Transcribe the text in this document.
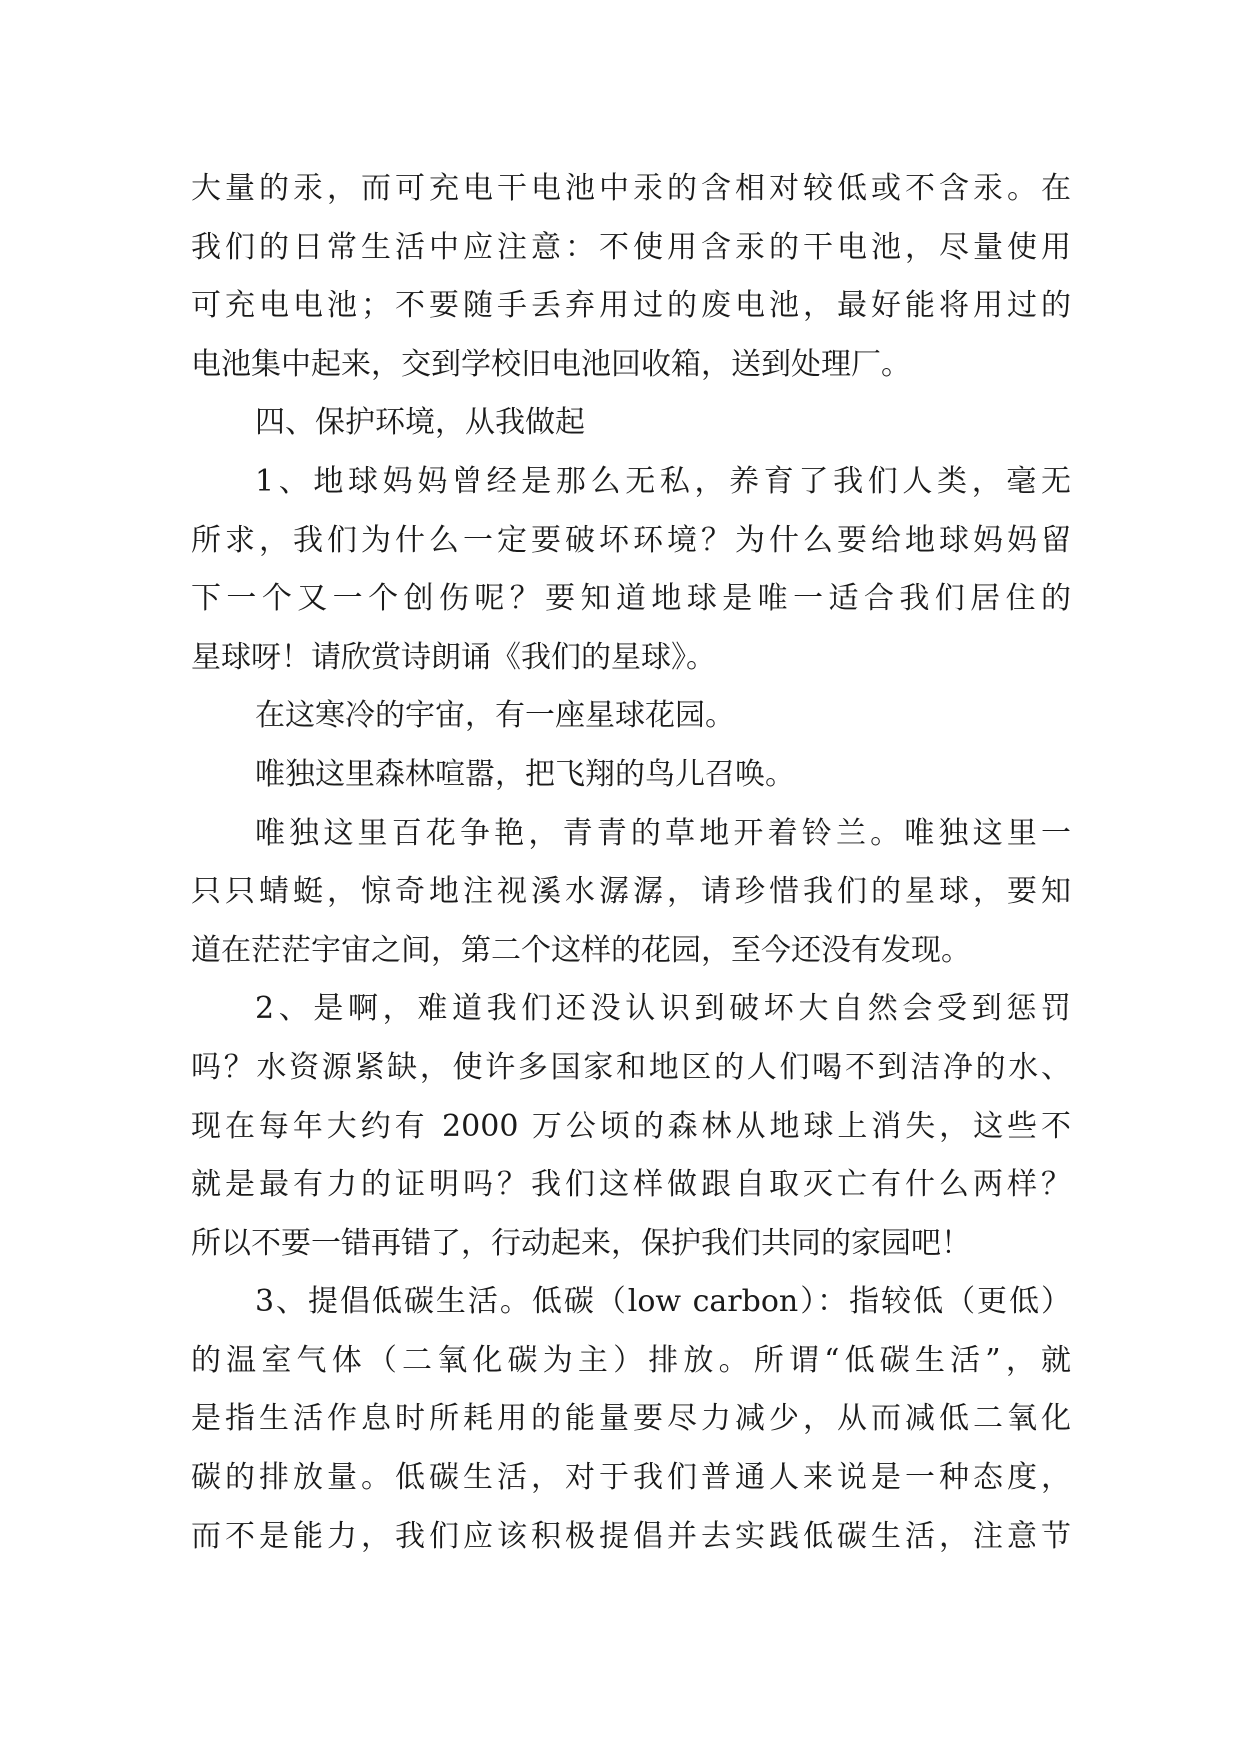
大量的汞，而可充电干电池中汞的含相对较低或不含汞。在
我们的日常生活中应注意：不使用含汞的干电池，尽量使用
可充电电池；不要随手丢弃用过的废电池，最好能将用过的
电池集中起来，交到学校旧电池回收箱，送到处理厂。
四、保护环境，从我做起
1、地球妈妈曾经是那么无私，养育了我们人类，毫无
所求，我们为什么一定要破坏环境？为什么要给地球妈妈留
下一个又一个创伤呢？要知道地球是唯一适合我们居住的
星球呀！请欣赏诗朗诵《我们的星球》。
在这寒冷的宇宙，有一座星球花园。
唯独这里森林喧嚣，把飞翔的鸟儿召唤。
唯独这里百花争艳，青青的草地开着铃兰。唯独这里一
只只蜻蜓，惊奇地注视溪水潺潺，请珍惜我们的星球，要知
道在茫茫宇宙之间，第二个这样的花园，至今还没有发现。
2、是啊，难道我们还没认识到破坏大自然会受到惩罚
吗？水资源紧缺，使许多国家和地区的人们喝不到洁净的水、
现在每年大约有 2000 万公顷的森林从地球上消失，这些不
就是最有力的证明吗？我们这样做跟自取灭亡有什么两样？
所以不要一错再错了，行动起来，保护我们共同的家园吧！
3、提倡低碳生活。低碳（low carbon）：指较低（更低）
的温室气体（二氧化碳为主）排放。所谓“低碳生活”，就
是指生活作息时所耗用的能量要尽力减少，从而减低二氧化
碳的排放量。低碳生活，对于我们普通人来说是一种态度，
而不是能力，我们应该积极提倡并去实践低碳生活，注意节
